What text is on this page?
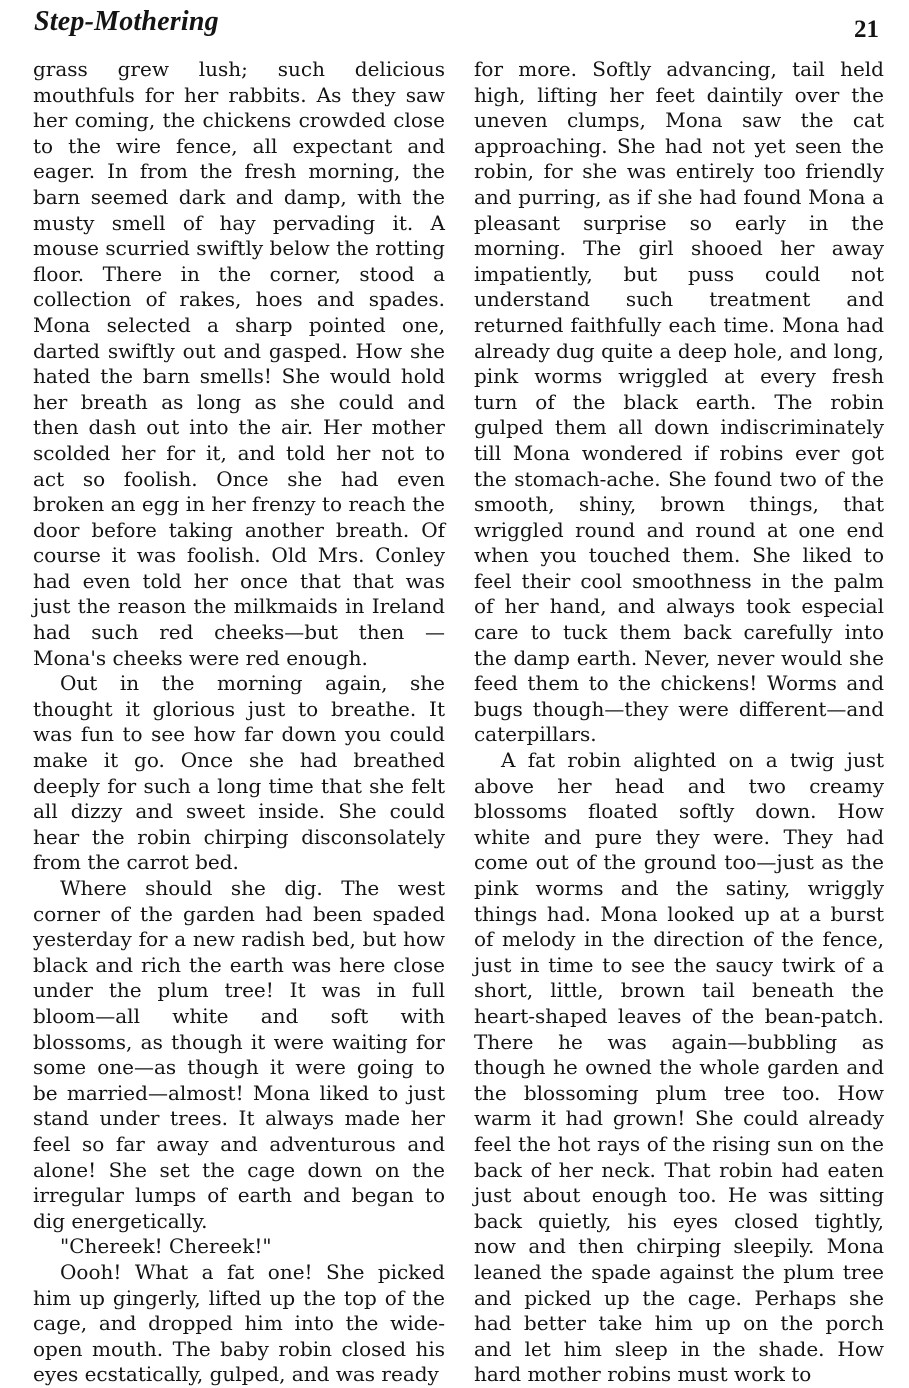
Step-Mothering	21

grass grew lush; such delicious mouthfuls for her rabbits. As they saw her coming, the chickens crowded close to the wire fence, all expectant and eager. In from the fresh morning, the barn seemed dark and damp, with the musty smell of hay pervading it. A mouse scurried swiftly below the rotting floor. There in the corner, stood a collection of rakes, hoes and spades. Mona selected a sharp pointed one, darted swiftly out and gasped. How she hated the barn smells! She would hold her breath as long as she could and then dash out into the air. Her mother scolded her for it, and told her not to act so foolish. Once she had even broken an egg in her frenzy to reach the door before taking another breath. Of course it was foolish. Old Mrs. Conley had even told her once that that was just the reason the milkmaids in Ireland had such red cheeks—but then — Mona's cheeks were red enough.

Out in the morning again, she thought it glorious just to breathe. It was fun to see how far down you could make it go. Once she had breathed deeply for such a long time that she felt all dizzy and sweet inside. She could hear the robin chirping disconsolately from the carrot bed.

Where should she dig. The west corner of the garden had been spaded yesterday for a new radish bed, but how black and rich the earth was here close under the plum tree! It was in full bloom—all white and soft with blossoms, as though it were waiting for some one—as though it were going to be married—almost! Mona liked to just stand under trees. It always made her feel so far away and adventurous and alone! She set the cage down on the irregular lumps of earth and began to dig energetically.

"Chereek! Chereek!"

Oooh! What a fat one! She picked him up gingerly, lifted up the top of the cage, and dropped him into the wide-open mouth. The baby robin closed his eyes ecstatically, gulped, and was ready

for more. Softly advancing, tail held high, lifting her feet daintily over the uneven clumps, Mona saw the cat approaching. She had not yet seen the robin, for she was entirely too friendly and purring, as if she had found Mona a pleasant surprise so early in the morning. The girl shooed her away impatiently, but puss could not understand such treatment and returned faithfully each time. Mona had already dug quite a deep hole, and long, pink worms wriggled at every fresh turn of the black earth. The robin gulped them all down indiscriminately till Mona wondered if robins ever got the stomach-ache. She found two of the smooth, shiny, brown things, that wriggled round and round at one end when you touched them. She liked to feel their cool smoothness in the palm of her hand, and always took especial care to tuck them back carefully into the damp earth. Never, never would she feed them to the chickens! Worms and bugs though—they were different—and caterpillars.

A fat robin alighted on a twig just above her head and two creamy blossoms floated softly down. How white and pure they were. They had come out of the ground too—just as the pink worms and the satiny, wriggly things had. Mona looked up at a burst of melody in the direction of the fence, just in time to see the saucy twirk of a short, little, brown tail beneath the heart-shaped leaves of the bean-patch. There he was again—bubbling as though he owned the whole garden and the blossoming plum tree too. How warm it had grown! She could already feel the hot rays of the rising sun on the back of her neck. That robin had eaten just about enough too. He was sitting back quietly, his eyes closed tightly, now and then chirping sleepily. Mona leaned the spade against the plum tree and picked up the cage. Perhaps she had better take him up on the porch and let him sleep in the shade. How hard mother robins must work to
